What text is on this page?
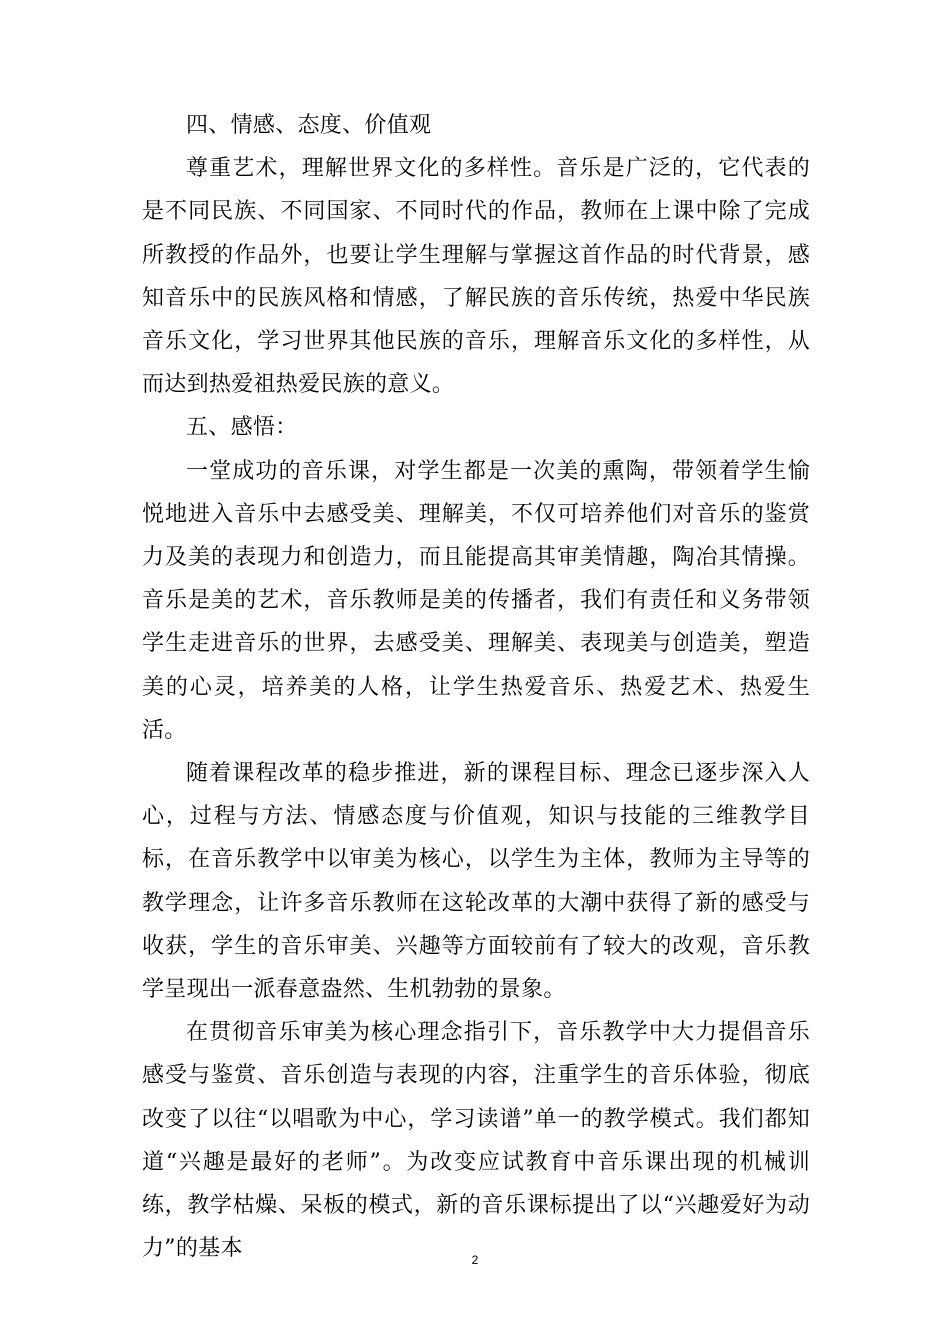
四、情感、态度、价值观

尊重艺术，理解世界文化的多样性。音乐是广泛的，它代表的是不同民族、不同国家、不同时代的作品，教师在上课中除了完成所教授的作品外，也要让学生理解与掌握这首作品的时代背景，感知音乐中的民族风格和情感，了解民族的音乐传统，热爱中华民族音乐文化，学习世界其他民族的音乐，理解音乐文化的多样性，从而达到热爱祖热爱民族的意义。

五、感悟：

一堂成功的音乐课，对学生都是一次美的熏陶，带领着学生愉悦地进入音乐中去感受美、理解美，不仅可培养他们对音乐的鉴赏力及美的表现力和创造力，而且能提高其审美情趣，陶冶其情操。音乐是美的艺术，音乐教师是美的传播者，我们有责任和义务带领学生走进音乐的世界，去感受美、理解美、表现美与创造美，塑造美的心灵，培养美的人格，让学生热爱音乐、热爱艺术、热爱生活。

随着课程改革的稳步推进，新的课程目标、理念已逐步深入人心，过程与方法、情感态度与价值观，知识与技能的三维教学目标，在音乐教学中以审美为核心，以学生为主体，教师为主导等的教学理念，让许多音乐教师在这轮改革的大潮中获得了新的感受与收获，学生的音乐审美、兴趣等方面较前有了较大的改观，音乐教学呈现出一派春意盎然、生机勃勃的景象。

在贯彻音乐审美为核心理念指引下，音乐教学中大力提倡音乐感受与鉴赏、音乐创造与表现的内容，注重学生的音乐体验，彻底改变了以往“以唱歌为中心，学习读谱”单一的教学模式。我们都知道“兴趣是最好的老师”。为改变应试教育中音乐课出现的机械训练，教学枯燥、呆板的模式，新的音乐课标提出了以“兴趣爱好为动力”的基本	2
